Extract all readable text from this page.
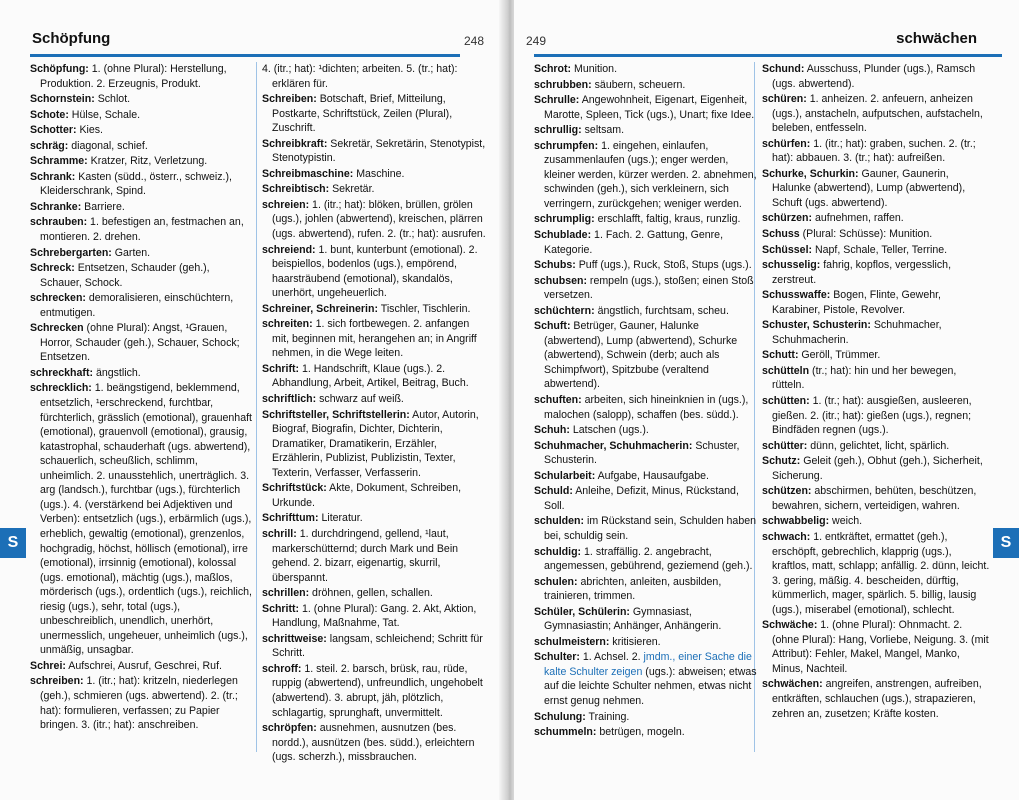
Schöpfung	248
Schöpfung: 1. (ohne Plural): Herstellung, Produktion. 2. Erzeugnis, Produkt.
Schornstein: Schlot.
Schote: Hülse, Schale.
Schotter: Kies.
schräg: diagonal, schief.
Schramme: Kratzer, Ritz, Verletzung.
Schrank: Kasten (südd., österr., schweiz.), Kleiderschrank, Spind.
Schranke: Barriere.
schrauben: 1. befestigen an, festmachen an, montieren. 2. drehen.
Schrebergarten: Garten.
Schreck: Entsetzen, Schauder (geh.), Schauer, Schock.
schrecken: demoralisieren, einschüchtern, entmutigen.
Schrecken (ohne Plural): Angst, ¹Grauen, Horror, Schauder (geh.), Schauer, Schock; Entsetzen.
schreckhaft: ängstlich.
schrecklich: 1. beängstigend, beklemmend, entsetzlich, ¹erschreckend, furchtbar, fürchterlich, grässlich (emotional), grauenhaft (emotional), grauenvoll (emotional), grausig, katastrophal, schauderhaft (ugs. abwertend), schauerlich, scheußlich, schlimm, unheimlich. 2. unausstehlich, unerträglich. 3. arg (landsch.), furchtbar (ugs.), fürchterlich (ugs.). 4. (verstärkend bei Adjektiven und Verben): entsetzlich (ugs.), erbärmlich (ugs.), erheblich, gewaltig (emotional), grenzenlos, hochgradig, höchst, höllisch (emotional), irre (emotional), irrsinnig (emotional), kolossal (ugs. emotional), mächtig (ugs.), maßlos, mörderisch (ugs.), ordentlich (ugs.), reichlich, riesig (ugs.), sehr, total (ugs.), unbeschreiblich, unendlich, unerhört, unermesslich, ungeheuer, unheimlich (ugs.), unmäßig, unsagbar.
Schrei: Aufschrei, Ausruf, Geschrei, Ruf.
schreiben: 1. (itr.; hat): kritzeln, niederlegen (geh.), schmieren (ugs. abwertend). 2. (tr.; hat): formulieren, verfassen; zu Papier bringen. 3. (itr.; hat): anschreiben.
4. (itr.; hat): ¹dichten; arbeiten. 5. (tr.; hat): erklären für.
Schreiben: Botschaft, Brief, Mitteilung, Postkarte, Schriftstück, Zeilen (Plural), Zuschrift.
Schreibkraft: Sekretär, Sekretärin, Stenotypist, Stenotypistin.
Schreibmaschine: Maschine.
Schreibtisch: Sekretär.
schreien: 1. (itr.; hat): blöken, brüllen, grölen (ugs.), johlen (abwertend), kreischen, plärren (ugs. abwertend), rufen. 2. (tr.; hat): ausrufen.
schreiend: 1. bunt, kunterbunt (emotional). 2. beispiellos, bodenlos (ugs.), empörend, haarsträubend (emotional), skandalös, unerhört, ungeheuerlich.
Schreiner, Schreinerin: Tischler, Tischlerin.
schreiten: 1. sich fortbewegen. 2. anfangen mit, beginnen mit, herangehen an; in Angriff nehmen, in die Wege leiten.
Schrift: 1. Handschrift, Klaue (ugs.). 2. Abhandlung, Arbeit, Artikel, Beitrag, Buch.
schriftlich: schwarz auf weiß.
Schriftsteller, Schriftstellerin: Autor, Autorin, Biograf, Biografin, Dichter, Dichterin, Dramatiker, Dramatikerin, Erzähler, Erzählerin, Publizist, Publizistin, Texter, Texterin, Verfasser, Verfasserin.
Schriftstück: Akte, Dokument, Schreiben, Urkunde.
Schrifttum: Literatur.
schrill: 1. durchdringend, gellend, ¹laut, markerschütternd; durch Mark und Bein gehend. 2. bizarr, eigenartig, skurril, überspannt.
schrillen: dröhnen, gellen, schallen.
Schritt: 1. (ohne Plural): Gang. 2. Akt, Aktion, Handlung, Maßnahme, Tat.
schrittweise: langsam, schleichend; Schritt für Schritt.
schroff: 1. steil. 2. barsch, brüsk, rau, rüde, ruppig (abwertend), unfreundlich, ungehobelt (abwertend). 3. abrupt, jäh, plötzlich, schlagartig, sprunghaft, unvermittelt.
schröpfen: ausnehmen, ausnutzen (bes. nordd.), ausnützen (bes. südd.), erleichtern (ugs. scherzh.), missbrauchen.
S
249	schwächen
Schrot: Munition.
schrubben: säubern, scheuern.
Schrulle: Angewohnheit, Eigenart, Eigenheit, Marotte, Spleen, Tick (ugs.), Unart; fixe Idee.
schrullig: seltsam.
schrumpfen: 1. eingehen, einlaufen, zusammenlaufen (ugs.); enger werden, kleiner werden, kürzer werden. 2. abnehmen, schwinden (geh.), sich verkleinern, sich verringern, zurückgehen; weniger werden.
schrumplig: erschlafft, faltig, kraus, runzlig.
Schublade: 1. Fach. 2. Gattung, Genre, Kategorie.
Schubs: Puff (ugs.), Ruck, Stoß, Stups (ugs.).
schubsen: rempeln (ugs.), stoßen; einen Stoß versetzen.
schüchtern: ängstlich, furchtsam, scheu.
Schuft: Betrüger, Gauner, Halunke (abwertend), Lump (abwertend), Schurke (abwertend), Schwein (derb; auch als Schimpfwort), Spitzbube (veraltend abwertend).
schuften: arbeiten, sich hineinknien in (ugs.), malochen (salopp), schaffen (bes. südd.).
Schuh: Latschen (ugs.).
Schuhmacher, Schuhmacherin: Schuster, Schusterin.
Schularbeit: Aufgabe, Hausaufgabe.
Schuld: Anleihe, Defizit, Minus, Rückstand, Soll.
schulden: im Rückstand sein, Schulden haben bei, schuldig sein.
schuldig: 1. straffällig. 2. angebracht, angemessen, gebührend, geziemend (geh.).
schulen: abrichten, anleiten, ausbilden, trainieren, trimmen.
Schüler, Schülerin: Gymnasiast, Gymnasiastin; Anhänger, Anhängerin.
schulmeistern: kritisieren.
Schulter: 1. Achsel. 2. jmdm., einer Sache die kalte Schulter zeigen (ugs.): abweisen; etwas auf die leichte Schulter nehmen, etwas nicht ernst genug nehmen.
Schulung: Training.
schummeln: betrügen, mogeln.
Schund: Ausschuss, Plunder (ugs.), Ramsch (ugs. abwertend).
schüren: 1. anheizen. 2. anfeuern, anheizen (ugs.), anstacheln, aufputschen, aufstacheln, beleben, entfesseln.
schürfen: 1. (itr.; hat): graben, suchen. 2. (tr.; hat): abbauen. 3. (tr.; hat): aufreißen.
Schurke, Schurkin: Gauner, Gaunerin, Halunke (abwertend), Lump (abwertend), Schuft (ugs. abwertend).
schürzen: aufnehmen, raffen.
Schuss (Plural: Schüsse): Munition.
Schüssel: Napf, Schale, Teller, Terrine.
schusselig: fahrig, kopflos, vergesslich, zerstreut.
Schusswaffe: Bogen, Flinte, Gewehr, Karabiner, Pistole, Revolver.
Schuster, Schusterin: Schuhmacher, Schuhmacherin.
Schutt: Geröll, Trümmer.
schütteln (tr.; hat): hin und her bewegen, rütteln.
schütten: 1. (tr.; hat): ausgießen, ausleeren, gießen. 2. (itr.; hat): gießen (ugs.), regnen; Bindfäden regnen (ugs.).
schütter: dünn, gelichtet, licht, spärlich.
Schutz: Geleit (geh.), Obhut (geh.), Sicherheit, Sicherung.
schützen: abschirmen, behüten, beschützen, bewahren, sichern, verteidigen, wahren.
schwabbelig: weich.
schwach: 1. entkräftet, ermattet (geh.), erschöpft, gebrechlich, klapprig (ugs.), kraftlos, matt, schlapp; anfällig. 2. dünn, leicht. 3. gering, mäßig. 4. bescheiden, dürftig, kümmerlich, mager, spärlich. 5. billig, lausig (ugs.), miserabel (emotional), schlecht.
Schwäche: 1. (ohne Plural): Ohnmacht. 2. (ohne Plural): Hang, Vorliebe, Neigung. 3. (mit Attribut): Fehler, Makel, Mangel, Manko, Minus, Nachteil.
schwächen: angreifen, anstrengen, aufreiben, entkräften, schlauchen (ugs.), strapazieren, zehren an, zusetzen; Kräfte kosten.
S
